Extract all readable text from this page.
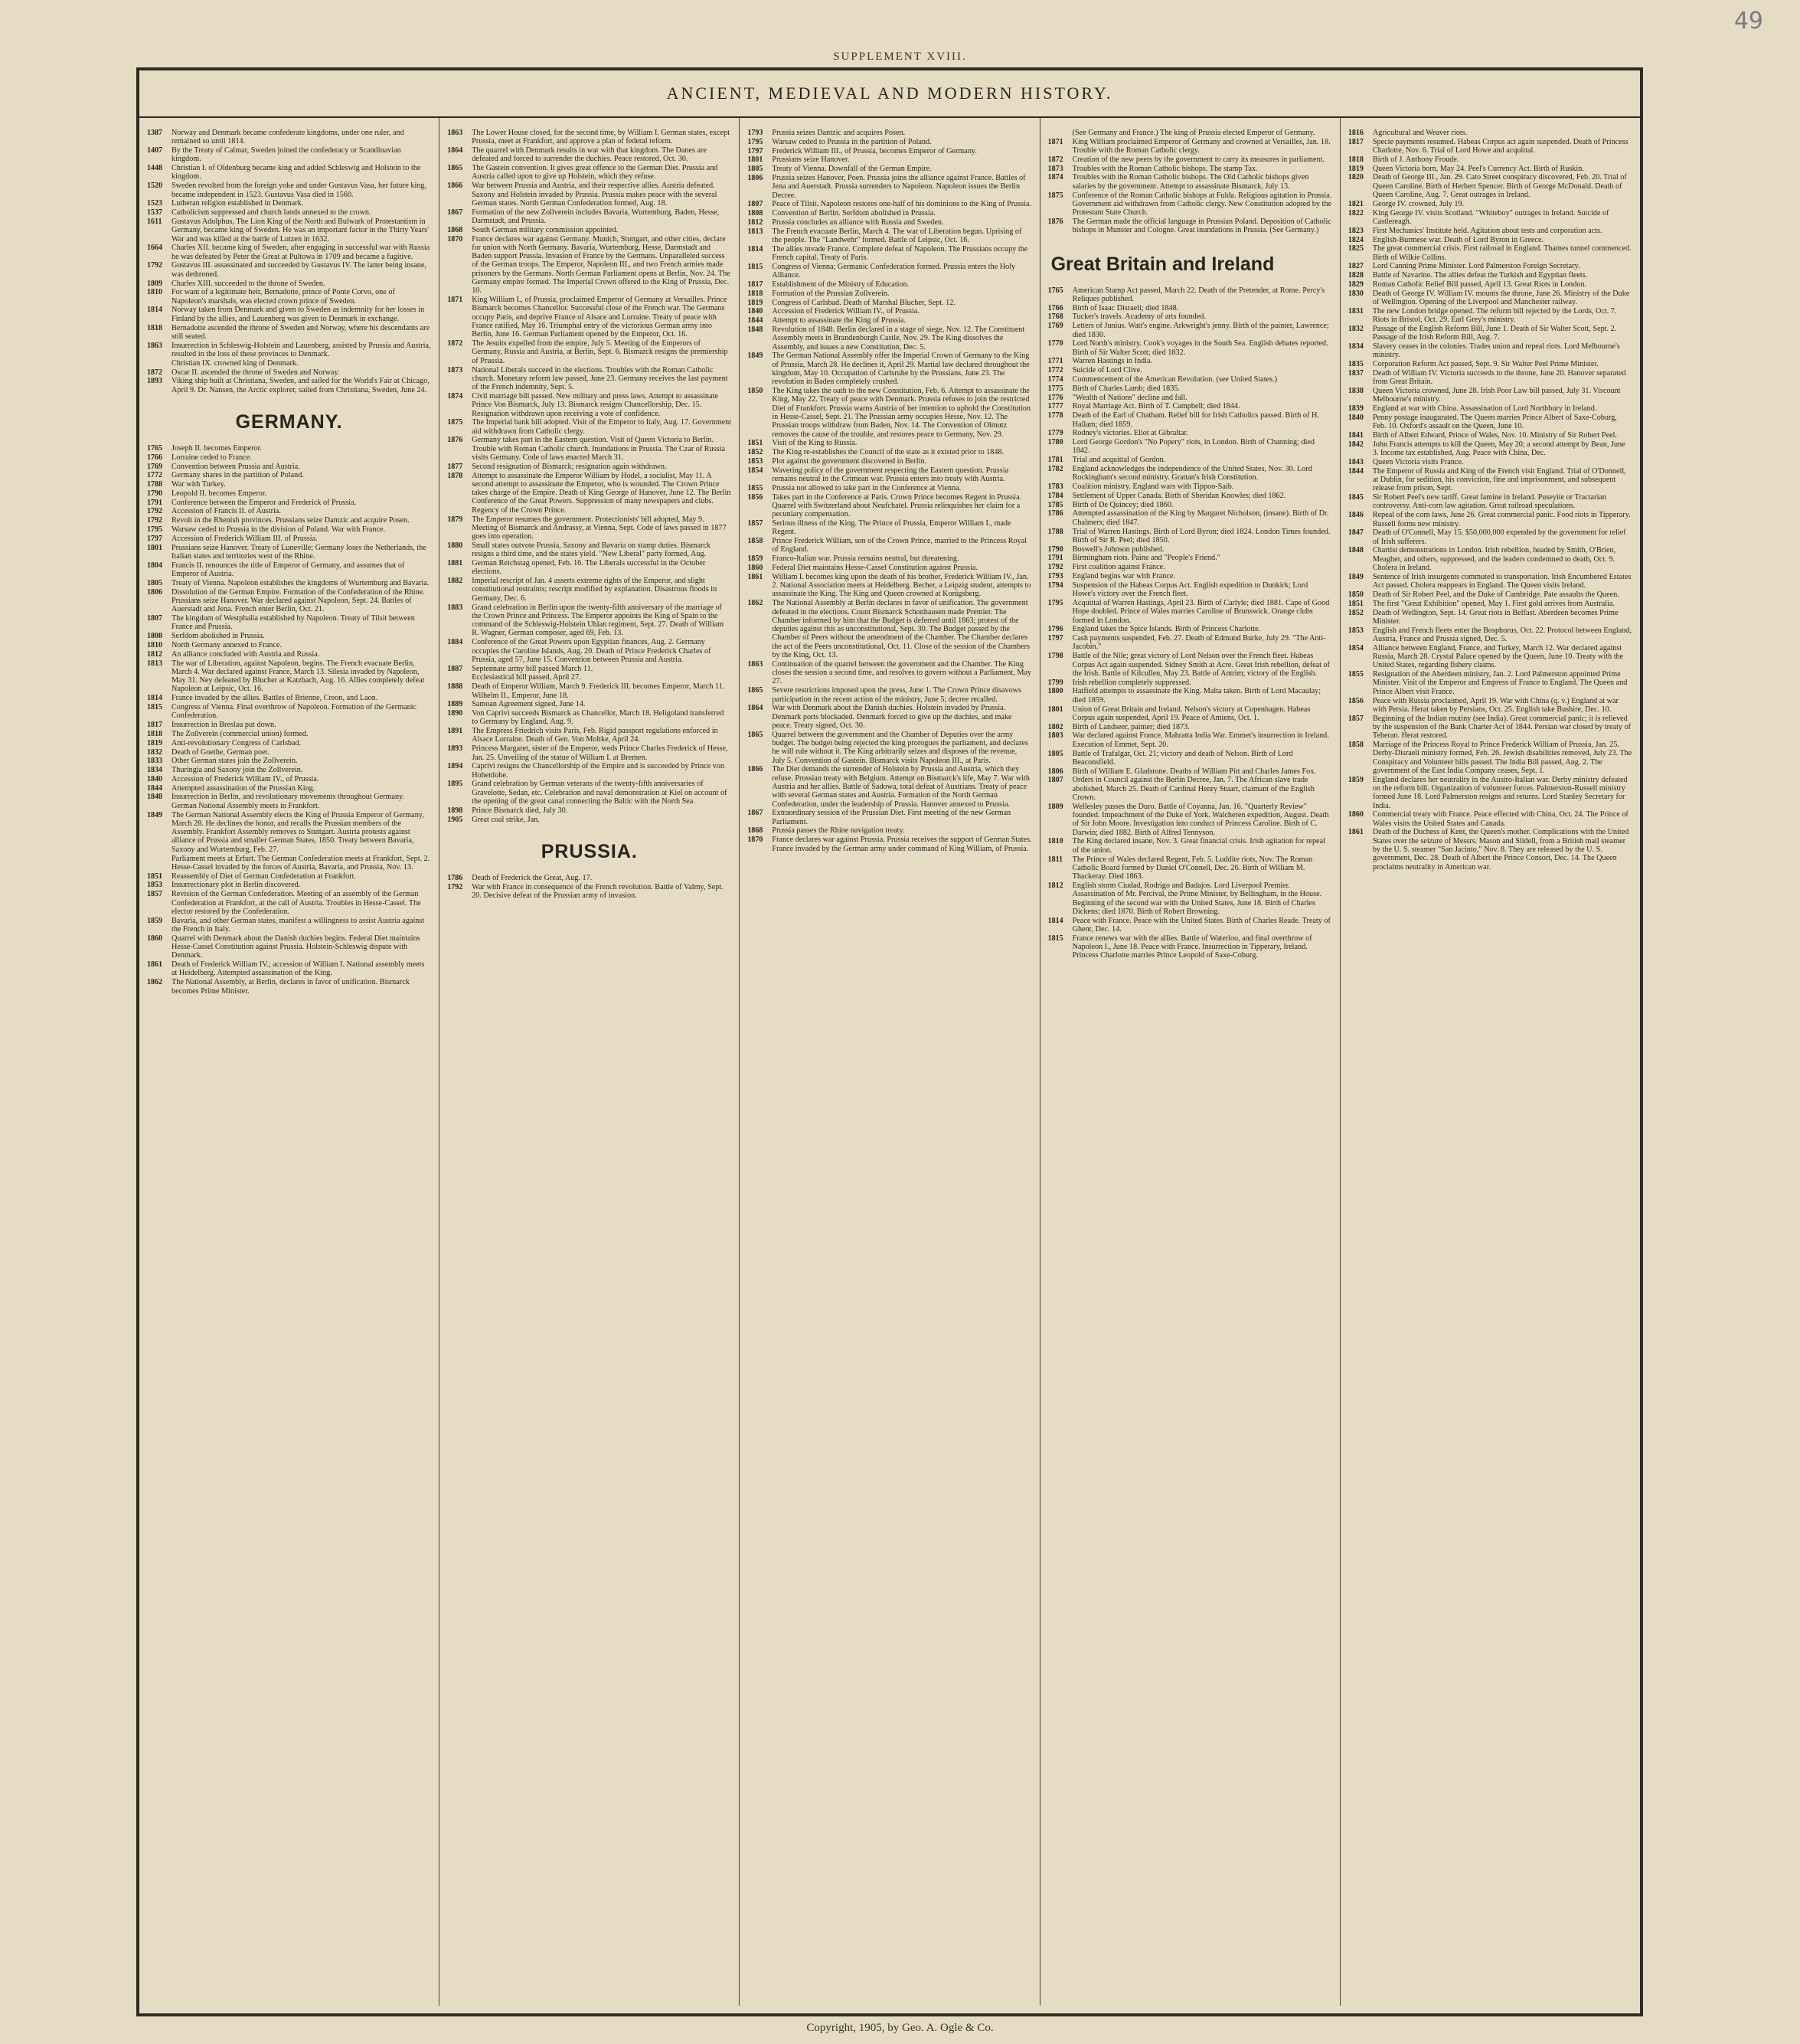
49
SUPPLEMENT XVIII.
ANCIENT, MEDIEVAL AND MODERN HISTORY.
1387	Norway and Denmark became confederate kingdoms, under one ruler, and remained so until 1814.
1407	By the Treaty of Calmar, Sweden joined the confederacy or Scandinavian kingdom.
1448	Christian I. of Oldenburg became king and added Schleswig and Holstein to the kingdom.
1520	Sweden revolted from the foreign yoke and under Gustavus Vasa, her future king, became independent in 1523. Gustavus Vasa died in 1560.
1523	Lutheran religion established in Denmark.
1537	Catholicism suppressed and church lands annexed to the crown.
1611	Gustavus Adolphus, The Lion King of the North and Bulwark of Protestantism in Germany, became king of Sweden. He was an important factor in the Thirty Years' War and was killed at the battle of Lutzen in 1632.
1664	Charles XII. became king of Sweden, after engaging in successful war with Russia he was defeated by Peter the Great at Pultowa in 1709 and became a fugitive.
1792	Gustavus III. assassinated and succeeded by Gustavus IV. The latter being insane, was dethroned.
1809	Charles XIII. succeeded to the throne of Sweden.
1810	For want of a legitimate heir, Bernadotte, prince of Ponte Corvo, one of Napoleon's marshals, was elected crown prince of Sweden.
1814	Norway taken from Denmark and given to Sweden as indemnity for her losses in Finland by the allies, and Lauenberg was given to Denmark in exchange.
1818	Bernadotte ascended the throne of Sweden and Norway, where his descendants are still seated.
1863	Insurrection in Schleswig-Holstein and Lauenberg, assisted by Prussia and Austria, resulted in the loss of these provinces to Denmark.
Christian IX. crowned king of Denmark.
1872	Oscar II. ascended the throne of Sweden and Norway.
1893	Viking ship built at Christiana, Sweden, and sailed for the World's Fair at Chicago, April 9. Dr. Nansen, the Arctic explorer, sailed from Christiana, Sweden, June 24.
GERMANY.
1765	Joseph II. becomes Emperor.
1766	Lorraine ceded to France.
1769	Convention between Prussia and Austria.
1772	Germany shares in the partition of Poland.
1788	War with Turkey.
1790	Leopold II. becomes Emperor.
1791	Conference between the Emperor and Frederick of Prussia.
1792	Accession of Francis II. of Austria.
1792	Revolt in the Rhenish provinces. Prussians seize Dantzic and acquire Posen.
1795	Warsaw ceded to Prussia in the division of Poland. War with France.
1797	Accession of Frederick William III. of Prussia.
1801	Prussians seize Hanover. Treaty of Luneville; Germany loses the Netherlands, the Italian states and territories west of the Rhine.
1804	Francis II. renounces the title of Emperor of Germany, and assumes that of Emperor of Austria.
1805	Treaty of Vienna. Napoleon establishes the kingdoms of Wurtemburg and Bavaria.
1806	Dissolution of the German Empire. Formation of the Confederation of the Rhine. Prussians seize Hanover. War declared against Napoleon, Sept. 24. Battles of Auerstadt and Jena. French enter Berlin, Oct. 21.
1807	The kingdom of Westphalia established by Napoleon. Treaty of Tilsit between France and Prussia.
1808	Serfdom abolished in Prussia.
1810	North Germany annexed to France.
1812	An alliance concluded with Austria and Russia.
1813	The war of Liberation, against Napoleon, begins. The French evacuate Berlin, March 4. War declared against France, March 13. Silesia invaded by Napoleon, May 31. Ney defeated by Blucher at Katzbach, Aug. 16. Allies completely defeat Napoleon at Leipsic, Oct. 16.
1814	France invaded by the allies. Battles of Brienne, Creon, and Laon.
1815	Congress of Vienna. Final overthrow of Napoleon. Formation of the Germanic Confederation.
1817	Insurrection in Breslau put down.
1818	The Zollverein (commercial union) formed.
1819	Anti-revolutionary Congress of Carlsbad.
1832	Death of Goethe, German poet.
1833	Other German states join the Zollverein.
1834	Thuringia and Saxony join the Zollverein.
1840	Accession of Frederick William IV., of Prussia.
1844	Attempted assassination of the Prussian King.
1848	Insurrection in Berlin, and revolutionary movements throughout Germany. German National Assembly meets in Frankfort.
1849	The German National Assembly elects the King of Prussia Emperor of Germany, March 28. He declines the honor, and recalls the Prussian members of the Assembly. Frankfort Assembly removes to Stuttgart. Austria protests against alliance of Prussia and smaller German States, 1850. Treaty between Bavaria, Saxony and Wurtemburg, Feb. 27.
Parliament meets at Erfurt. The German Confederation meets at Frankfort, Sept. 2. Hesse-Cassel invaded by the forces of Austria, Bavaria, and Prussia, Nov. 13.
1851	Reassembly of Diet of German Confederation at Frankfort.
1853	Insurrectionary plot in Berlin discovered.
1857	Revision of the German Confederation. Meeting of an assembly of the German Confederation at Frankfort, at the call of Austria. Troubles in Hesse-Cassel. The elector restored by the Confederation.
1859	Bavaria, and other German states, manifest a willingness to assist Austria against the French in Italy.
1860	Quarrel with Denmark about the Danish duchies begins. Federal Diet maintains Hesse-Cassel Constitution against Prussia. Holstein-Schleswig dispute with Denmark.
1861	Death of Frederick William IV.; accession of William I. National assembly meets at Heidelberg. Attempted assassination of the King.
1862	The National Assembly, at Berlin, declares in favor of unification. Bismarck becomes Prime Minister.
1863	The Lower House closed, for the second time, by William I. German states, except Prussia, meet at Frankfort, and approve a plan of federal reform.
1864	The quarrel with Denmark results in war with that kingdom. The Danes are defeated and forced to surrender the duchies. Peace restored, Oct. 30.
1865	The Gastein convention. It gives great offence to the German Diet. Prussia and Austria called upon to give up Holstein, which they refuse.
1866	War between Prussia and Austria, and their respective allies. Austria defeated. Saxony and Holstein invaded by Prussia. Prussia makes peace with the several German states. North German Confederation formed, Aug. 18.
1867	Formation of the new Zollverein includes Bavaria, Wurtemburg, Baden, Hesse, Darmstadt, and Prussia.
1868	South German military commission appointed.
1870	France declares war against Germany. Munich, Stuttgart, and other cities, declare for union with North Germany. Bavaria, Wurtemburg, Hesse, Darmstadt and Baden support Prussia. Invasion of France by the Germans. Unparalleled success of the German troops. The Emperor, Napoleon III., and two French armies made prisoners by the Germans. North German Parliament opens at Berlin, Nov. 24. The Germany empire formed. The Imperial Crown offered to the King of Prussia, Dec. 10.
1871	King William I., of Prussia, proclaimed Emperor of Germany at Versailles. Prince Bismarck becomes Chancellor. Successful close of the French war. The Germans occupy Paris, and deprive France of Alsace and Lorraine. Treaty of peace with France ratified, May 16. Triumphal entry of the victorious German army into Berlin, June 16. German Parliament opened by the Emperor, Oct. 16.
1872	The Jesuits expelled from the empire, July 5. Meeting of the Emperors of Germany, Russia and Austria, at Berlin, Sept. 6. Bismarck resigns the premiership of Prussia.
1873	National Liberals succeed in the elections. Troubles with the Roman Catholic church. Monetary reform law passed, June 23. Germany receives the last payment of the French indemnity, Sept. 5.
1874	Civil marriage bill passed. New military and press laws. Attempt to assassinate Prince Von Bismarck, July 13. Bismarck resigns Chancellorship, Dec. 15. Resignation withdrawn upon receiving a vote of confidence.
1875	The Imperial bank bill adopted. Visit of the Emperor to Italy, Aug. 17. Government aid withdrawn from Catholic clergy.
1876	Germany takes part in the Eastern question. Visit of Queen Victoria to Berlin. Trouble with Roman Catholic church. Inundations in Prussia. The Czar of Russia visits Germany. Code of laws enacted March 31.
1877	Second resignation of Bismarck; resignation again withdrawn.
1878	Attempt to assassinate the Emperor William by Hodel, a socialist, May 11. A second attempt to assassinate the Emperor, who is wounded. The Crown Prince takes charge of the Empire. Death of King George of Hanover, June 12. The Berlin Conference of the Great Powers. Suppression of many newspapers and clubs. Regency of the Crown Prince.
1879	The Emperor resumes the government. Protectionists' bill adopted, May 9. Meeting of Bismarck and Andrassy, at Vienna, Sept. Code of laws passed in 1877 goes into operation.
1880	Small states outvote Prussia, Saxony and Bavaria on stamp duties. Bismarck resigns a third time, and the states yield. "New Liberal" party formed, Aug.
1881	German Reichstag opened, Feb. 16. The Liberals successful in the October elections.
1882	Imperial rescript of Jan. 4 asserts extreme rights of the Emperor, and slight constitutional restraints; rescript modified by explanation. Disastrous floods in Germany, Dec. 6.
1883	Grand celebration in Berlin upon the twenty-fifth anniversary of the marriage of the Crown Prince and Princess. The Emperor appoints the King of Spain to the command of the Schleswig-Holstein Uhlan regiment, Sept. 27. Death of William R. Wagner, German composer, aged 69, Feb. 13.
1884	Conference of the Great Powers upon Egyptian finances, Aug. 2. Germany occupies the Caroline Islands, Aug. 20. Death of Prince Frederick Charles of Prussia, aged 57, June 15. Convention between Prussia and Austria.
1887	Septennate army bill passed March 11.
Ecclesiastical bill passed, April 27.
1888	Death of Emperor William, March 9. Frederick III. becomes Emperor, March 11. Wilhelm II., Emperor, June 18.
1889	Samoan Agreement signed, June 14.
1890	Von Caprivi succeeds Bismarck as Chancellor, March 18. Heligoland transferred to Germany by England, Aug. 9.
1891	The Empress Friedrich visits Paris, Feb. Rigid passport regulations enforced in Alsace Lorraine. Death of Gen. Von Moltke, April 24.
1893	Princess Margaret, sister of the Emperor, weds Prince Charles Frederick of Hesse, Jan. 25. Unveiling of the statue of William I. at Bremen.
1894	Caprivi resigns the Chancellorship of the Empire and is succeeded by Prince von Hohenlohe.
1895	Grand celebration by German veterans of the twenty-fifth anniversaries of Gravelotte, Sedan, etc. Celebration and naval demonstration at Kiel on account of the opening of the great canal connecting the Baltic with the North Sea.
1898	Prince Bismarck died, July 30.
1905	Great coal strike, Jan.
PRUSSIA.
1786	Death of Frederick the Great, Aug. 17.
1792	War with France in consequence of the French revolution. Battle of Valmy, Sept. 20. Decisive defeat of the Prussian army of invasion.
1793	Prussia seizes Dantzic and acquires Posen.
1795	Warsaw ceded to Prussia in the partition of Poland.
1797	Frederick William III., of Prussia, becomes Emperor of Germany.
1801	Prussians seize Hanover.
1805	Treaty of Vienna. Downfall of the German Empire.
1806	Prussia seizes Hanover, Poen. Prussia joins the alliance against France. Battles of Jena and Auerstadt. Prussia surrenders to Napoleon. Napoleon issues the Berlin Decree.
1807	Peace of Tilsit. Napoleon restores one-half of his dominions to the King of Prussia.
1808	Convention of Berlin. Serfdom abolished in Prussia.
1812	Prussia concludes an alliance with Russia and Sweden.
1813	The French evacuate Berlin, March 4. The war of Liberation begun. Uprising of the people. The "Landwehr" formed. Battle of Leipsic, Oct. 16.
1814	The allies invade France. Complete defeat of Napoleon. The Prussians occupy the French capital. Treaty of Paris.
1815	Congress of Vienna; Germanic Confederation formed. Prussia enters the Holy Alliance.
1817	Establishment of the Ministry of Education.
1818	Formation of the Prussian Zollverein.
1819	Congress of Carlsbad. Death of Marshal Blucher, Sept. 12.
1840	Accession of Frederick William IV., of Prussia.
1844	Attempt to assassinate the King of Prussia.
1848	Revolution of 1848. Berlin declared in a stage of siege, Nov. 12. The Constituent Assembly meets in Brandenburgh Castle, Nov. 29. The King dissolves the Assembly, and issues a new Constitution, Dec. 5.
1849	The German National Assembly offer the Imperial Crown of Germany to the King of Prussia, March 28. He declines it, April 29. Martial law declared throughout the kingdom, May 10. Occupation of Carlsruhe by the Prussians, June 23. The revolution in Baden completely crushed.
1850	The King takes the oath to the new Constitution, Feb. 6. Attempt to assassinate the King, May 22. Treaty of peace with Denmark. Prussia refuses to join the restricted Diet of Frankfort. Prussia warns Austria of her intention to uphold the Constitution in Hesse-Cassel, Sept. 21. The Prussian army occupies Hesse, Nov. 12. The Prussian troops withdraw from Baden, Nov. 14. The Convention of Olmutz removes the cause of the trouble, and restores peace to Germany, Nov. 29.
1851	Visit of the King to Russia.
1852	The King re-establishes the Council of the state as it existed prior to 1848.
1853	Plot against the government discovered in Berlin.
1854	Wavering policy of the government respecting the Eastern question. Prussia remains neutral in the Crimean war. Prussia enters into treaty with Austria.
1855	Prussia not allowed to take part in the Conference at Vienna.
1856	Takes part in the Conference at Paris. Crown Prince becomes Regent in Prussia. Quarrel with Switzerland about Neufchatel. Prussia relinquishes her claim for a pecuniary compensation.
1857	Serious illness of the King. The Prince of Prussia, Emperor William I., made Regent.
1858	Prince Frederick William, son of the Crown Prince, married to the Princess Royal of England.
1859	Franco-Italian war. Prussia remains neutral, but threatening.
1860	Federal Diet maintains Hesse-Cassel Constitution against Prussia.
1861	William I. becomes king upon the death of his brother, Frederick William IV., Jan. 2. National Association meets at Heidelberg. Becher, a Leipzig student, attempts to assassinate the King. The King and Queen crowned at Konigsberg.
1862	The National Assembly at Berlin declares in favor of unification. The government defeated in the elections. Count Bismarck Schonhausen made Premier. The Chamber informed by him that the Budget is deferred until 1863; protest of the deputies against this as unconstitutional, Sept. 30. The Budget passed by the Chamber of Peers without the amendment of the Chamber. The Chamber declares the act of the Peers unconstitutional, Oct. 11. Close of the session of the Chambers by the King, Oct. 13.
1863	Continuation of the quarrel between the government and the Chamber. The King closes the session a second time, and resolves to govern without a Parliament, May 27.
1865	Severe restrictions imposed upon the press, June 1. The Crown Prince disavows participation in the recent action of the ministry, June 5; decree recalled.
1864	War with Denmark about the Danish duchies. Holstein invaded by Prussia. Denmark ports blockaded. Denmark forced to give up the duchies, and make peace. Treaty signed, Oct. 30.
1865	Quarrel between the government and the Chamber of Deputies over the army budget. The budget being rejected the king prorogues the parliament, and declares he will rule without it. The King arbitrarily seizes and disposes of the revenue, July 5. Convention of Gastein. Bismarck visits Napoleon III., at Paris.
1866	The Diet demands the surrender of Holstein by Prussia and Austria, which they refuse. Prussian treaty with Belgium. Attempt on Bismarck's life, May 7. War with Austria and her allies. Battle of Sadowa, total defeat of Austrians. Treaty of peace with several German states and Austria. Formation of the North German Confederation, under the leadership of Prussia. Hanover annexed to Prussia.
1867	Extraordinary session of the Prussian Diet. First meeting of the new German Parliament.
1868	Prussia passes the Rhine navigation treaty.
1870	France declares war against Prussia. Prussia receives the support of German States. France invaded by the German army under command of King William, of Prussia.
(See Germany and France.) The king of Prussia elected Emperor of Germany.
1871	King William proclaimed Emperor of Germany and crowned at Versailles, Jan. 18. Trouble with the Roman Catholic clergy.
1872	Creation of the new peers by the government to carry its measures in parliament.
1873	Troubles with the Roman Catholic bishops. The stamp Tax.
1874	Troubles with the Roman Catholic bishops. The Old Catholic bishops given salaries by the government. Attempt to assassinate Bismarck, July 13.
1875	Conference of the Roman Catholic bishops at Fulda. Religious agitation in Prussia. Government aid withdrawn from Catholic clergy. New Constitution adopted by the Protestant State Church.
1876	The German made the official language in Prussian Poland. Deposition of Catholic bishops in Munster and Cologne. Great inundations in Prussia. (See Germany.)
Great Britain and Ireland
1765	American Stamp Act passed, March 22. Death of the Pretender, at Rome. Percy's Reliques published.
1766	Birth of Isaac Disraeli; died 1848.
1768	Tucker's travels. Academy of arts founded.
1769	Letters of Junius. Watt's engine. Arkwright's jenny. Birth of the painter, Lawrence; died 1830.
1770	Lord North's ministry. Cook's voyages in the South Sea. English debates reported. Birth of Sir Walter Scott; died 1832.
1771	Warren Hastings in India.
1772	Suicide of Lord Clive.
1774	Commencement of the American Revolution. (see United States.)
1775	Birth of Charles Lamb; died 1835.
1776	"Wealth of Nations" decline and fall.
1777	Royal Marriage Act. Birth of T. Campbell; died 1844.
1778	Death of the Earl of Chatham. Relief bill for Irish Catholics passed. Birth of H. Hallam; died 1859.
1779	Rodney's victories. Eliot at Gibraltar.
1780	Lord George Gordon's "No Popery" riots, in London. Birth of Channing; died 1842.
1781	Trial and acquittal of Gordon.
1782	England acknowledges the independence of the United States, Nov. 30. Lord Rockingham's second ministry. Grattan's Irish Constitution.
1783	Coalition ministry. England wars with Tippoo-Saib.
1784	Settlement of Upper Canada. Birth of Sheridan Knowles; died 1862.
1785	Birth of De Quincey; died 1860.
1786	Attempted assassination of the King by Margaret Nicholson, (insane). Birth of Dr. Chalmers; died 1847.
1788	Trial of Warren Hastings. Birth of Lord Byron; died 1824. London Times founded. Birth of Sir R. Peel; died 1850.
1790	Boswell's Johnson published.
1791	Birmingham riots. Paine and "People's Friend."
1792	First coalition against France.
1793	England begins war with France.
1794	Suspension of the Habeas Corpus Act. English expedition to Dunkirk; Lord Howe's victory over the French fleet.
1795	Acquittal of Warren Hastings, April 23. Birth of Carlyle; died 1881. Cape of Good Hope doubled. Prince of Wales marries Caroline of Brunswick. Orange clubs formed in London.
1796	England takes the Spice Islands. Birth of Princess Charlotte.
1797	Cash payments suspended, Feb. 27. Death of Edmund Burke, July 29. "The Anti-Jacobin."
1798	Battle of the Nile; great victory of Lord Nelson over the French fleet. Habeas Corpus Act again suspended. Sidney Smith at Acre. Great Irish rebellion, defeat of the Irish. Battle of Kilcullen, May 23. Battle of Antrim; victory of the English.
1799	Irish rebellion completely suppressed.
1800	Hatfield attempts to assassinate the King. Malta taken. Birth of Lord Macaulay; died 1859.
1801	Union of Great Britain and Ireland. Nelson's victory at Copenhagen. Habeas Corpus again suspended, April 19. Peace of Amiens, Oct. 1.
1802	Birth of Landseer, painter; died 1873.
1803	War declared against France. Mahratta India War. Emmet's insurrection in Ireland. Execution of Emmet, Sept. 20.
1805	Battle of Trafalgar, Oct. 21; victory and death of Nelson. Birth of Lord Beaconsfield.
1806	Birth of William E. Gladstone. Deaths of William Pitt and Charles James Fox.
1807	Orders in Council against the Berlin Decree, Jan. 7. The African slave trade abolished, March 25. Death of Cardinal Henry Stuart, claimant of the English Crown.
1809	Wellesley passes the Duro. Battle of Coyanna, Jan. 16. "Quarterly Review" founded. Impeachment of the Duke of York. Walcheren expedition, August. Death of Sir John Moore. Investigation into conduct of Princess Caroline. Birth of C. Darwin; died 1882. Birth of Alfred Tennyson.
1810	The King declared insane, Nov. 3. Great financial crisis. Irish agitation for repeal of the union.
1811	The Prince of Wales declared Regent, Feb. 5. Luddite riots, Nov. The Roman Catholic Board formed by Daniel O'Connell, Dec. 26. Birth of William M. Thackeray. Died 1863.
1812	English storm Ciudad, Rodrigo and Badajos. Lord Liverpool Premier. Assassination of Mr. Percival, the Prime Minister, by Bellingham, in the House. Beginning of the second war with the United States, June 18. Birth of Charles Dickens; died 1870. Birth of Robert Browning.
1814	Peace with France. Peace with the United States. Birth of Charles Reade. Treaty of Ghent, Dec. 14.
1815	France renews war with the allies. Battle of Waterloo, and final overthrow of Napoleon I., June 18. Peace with France. Insurrection in Tipperary, Ireland. Princess Charlotte marries Prince Leopold of Saxe-Coburg.
1816	Agricultural and Weaver riots.
1817	Specie payments resumed. Habeas Corpus act again suspended. Death of Princess Charlotte, Nov. 6. Trial of Lord Howe and acquittal.
1818	Birth of J. Anthony Froude.
1819	Queen Victoria born, May 24. Peel's Currency Act. Birth of Ruskin.
1820	Death of George III., Jan. 29. Cato Street conspiracy discovered, Feb. 20. Trial of Queen Caroline. Birth of Herbert Spencer. Birth of George McDonald. Death of Queen Caroline, Aug. 7. Great outrages in Ireland.
1821	George IV. crowned, July 19.
1822	King George IV. visits Scotland. "Whiteboy" outrages in Ireland. Suicide of Castlereagh.
1823	First Mechanics' Institute held. Agitation about tests and corporation acts.
1824	English-Burmese war. Death of Lord Byron in Greece.
1825	The great commercial crisis. First railroad in England. Thames tunnel commenced. Birth of Wilkie Collins.
1827	Lord Canning Prime Minister. Lord Palmerston Foreign Secretary.
1828	Battle of Navarino. The allies defeat the Turkish and Egyptian fleets.
1829	Roman Catholic Relief Bill passed, April 13. Great Riots in London.
1830	Death of George IV. William IV. mounts the throne, June 26. Ministry of the Duke of Wellington. Opening of the Liverpool and Manchester railway.
1831	The new London bridge opened. The reform bill rejected by the Lords, Oct. 7. Riots in Bristol, Oct. 29. Earl Grey's ministry.
1832	Passage of the English Reform Bill, June 1. Death of Sir Walter Scott, Sept. 2. Passage of the Irish Reform Bill, Aug. 7.
1834	Slavery ceases in the colonies. Trades union and repeal riots. Lord Melbourne's ministry.
1835	Corporation Reform Act passed, Sept. 9. Sir Walter Peel Prime Minister.
1837	Death of William IV. Victoria succeeds to the throne, June 20. Hanover separated from Great Britain.
1838	Queen Victoria crowned, June 28. Irish Poor Law bill passed, July 31. Viscount Melbourne's ministry.
1839	England at war with China. Assassination of Lord Northbury in Ireland.
1840	Penny postage inaugurated. The Queen marries Prince Albert of Saxe-Coburg, Feb. 10. Oxford's assault on the Queen, June 10.
1841	Birth of Albert Edward, Prince of Wales, Nov. 10. Ministry of Sir Robert Peel.
1842	John Francis attempts to kill the Queen, May 20; a second attempt by Bean, June 3. Income tax established, Aug. Peace with China, Dec.
1843	Queen Victoria visits France.
1844	The Emperor of Russia and King of the French visit England. Trial of O'Donnell, at Dublin, for sedition, his conviction, fine and imprisonment, and subsequent release from prison, Sept.
1845	Sir Robert Peel's new tariff. Great famine in Ireland. Puseyite or Tractarian controversy. Anti-corn law agitation. Great railroad speculations.
1846	Repeal of the corn laws, June 26. Great commercial panic. Food riots in Tipperary. Russell forms new ministry.
1847	Death of O'Connell, May 15. $50,000,000 expended by the government for relief of Irish sufferers.
1848	Chartist demonstrations in London. Irish rebellion, headed by Smith, O'Brien, Meagher, and others, suppressed, and the leaders condemned to death, Oct. 9. Cholera in Ireland.
1849	Sentence of Irish insurgents commuted to transportation. Irish Encumbered Estates Act passed. Cholera reappears in England. The Queen visits Ireland.
1850	Death of Sir Robert Peel, and the Duke of Cambridge. Pate assaults the Queen.
1851	The first "Great Exhibition" opened, May 1. First gold arrives from Australia.
1852	Death of Wellington, Sept. 14. Great riots in Belfast. Aberdeen becomes Prime Minister.
1853	English and French fleets enter the Bosphorus, Oct. 22. Protocol between England, Austria, France and Prussia signed, Dec. 5.
1854	Alliance between England, France, and Turkey, March 12. War declared against Russia, March 28. Crystal Palace opened by the Queen, June 10. Treaty with the United States, regarding fishery claims.
1855	Resignation of the Aberdeen ministry, Jan. 2. Lord Palmerston appointed Prime Minister. Visit of the Emperor and Empress of France to England. The Queen and Prince Albert visit France.
1856	Peace with Russia proclaimed, April 19. War with China (q. v.) England at war with Persia. Herat taken by Persians, Oct. 25. English take Bushire, Dec. 10.
1857	Beginning of the Indian mutiny (see India). Great commercial panic; it is relieved by the suspension of the Bank Charter Act of 1844. Persian war closed by treaty of Teheran. Herat restored.
1858	Marriage of the Princess Royal to Prince Frederick William of Prussia, Jan. 25. Derby-Disraeli ministry formed, Feb. 26. Jewish disabilities removed, July 23. The Conspiracy and Volunteer bills passed. The India Bill passed, Aug. 2. The government of the East India Company ceases, Sept. 1.
1859	England declares her neutrality in the Austro-Italian war. Derby ministry defeated on the reform bill. Organization of volunteer forces. Palmerston-Russell ministry formed June 18. Lord Palmerston resigns and returns. Lord Stanley Secretary for India.
1860	Commercial treaty with France. Peace effected with China, Oct. 24. The Prince of Wales visits the United States and Canada.
1861	Death of the Duchess of Kent, the Queen's mother. Complications with the United States over the seizure of Messrs. Mason and Slidell, from a British mail steamer by the U. S. steamer "San Jacinto," Nov. 8. They are released by the U. S. government, Dec. 28. Death of Albert the Prince Consort, Dec. 14. The Queen proclaims neutrality in American war.
Copyright, 1905, by Geo. A. Ogle & Co.
